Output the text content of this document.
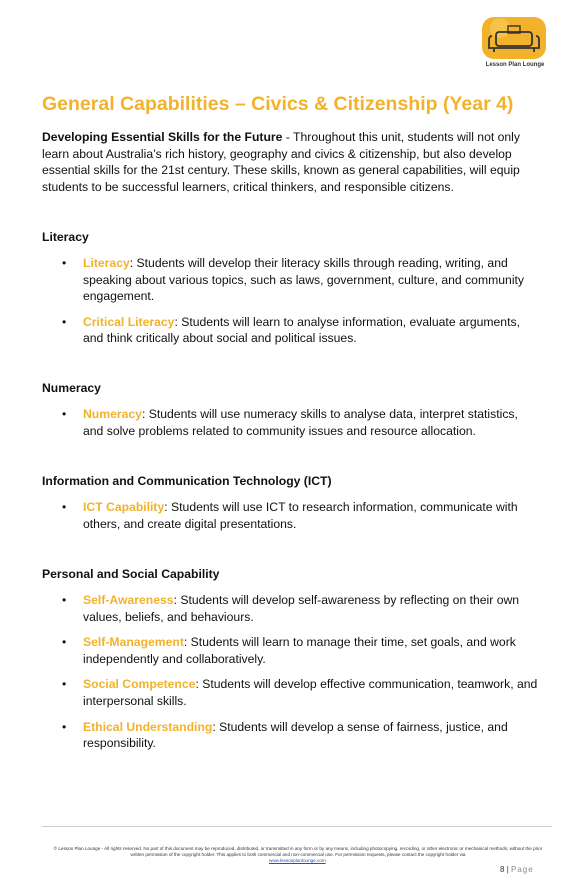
Lesson Plan Lounge
General Capabilities – Civics & Citizenship (Year 4)

Developing Essential Skills for the Future - Throughout this unit, students will not only learn about Australia’s rich history, geography and civics & citizenship, but also develop essential skills for the 21st century. These skills, known as general capabilities, will equip students to be successful learners, critical thinkers, and responsible citizens.

Literacy
• Literacy: Students will develop their literacy skills through reading, writing, and speaking about various topics, such as laws, government, culture, and community engagement.
• Critical Literacy: Students will learn to analyse information, evaluate arguments, and think critically about social and political issues.
Numeracy
• Numeracy: Students will use numeracy skills to analyse data, interpret statistics, and solve problems related to community issues and resource allocation.
Information and Communication Technology (ICT)
• ICT Capability: Students will use ICT to research information, communicate with others, and create digital presentations.
Personal and Social Capability
• Self-Awareness: Students will develop self-awareness by reflecting on their own values, beliefs, and behaviours.
• Self-Management: Students will learn to manage their time, set goals, and work independently and collaboratively.
• Social Competence: Students will develop effective communication, teamwork, and interpersonal skills.
• Ethical Understanding: Students will develop a sense of fairness, justice, and responsibility.
© Lesson Plan Lounge - All rights reserved. No part of this document may be reproduced, distributed, or transmitted in any form or by any means, including photocopying, recording, or other electronic or mechanical methods, without the prior written permission of the copyright holder. This applies to both commercial and non-commercial use. For permission requests, please contact the copyright holder via
www.lessonplanlounge.com.
8 | Page
